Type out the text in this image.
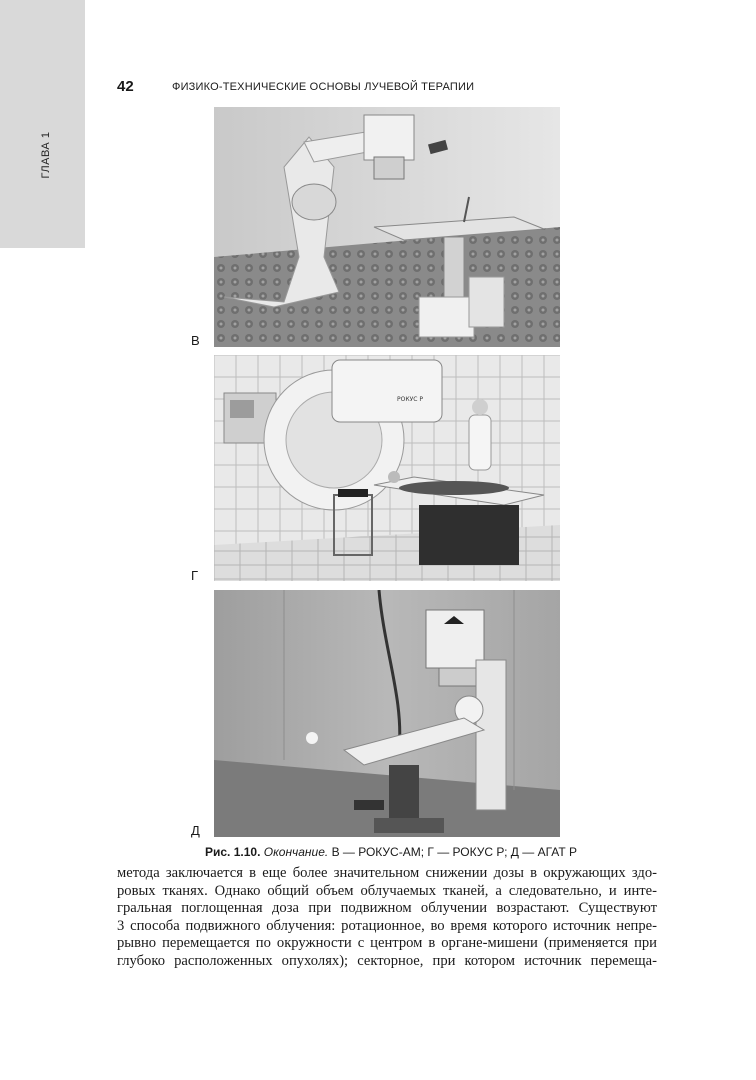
ГЛАВА 1
42	ФИЗИКО-ТЕХНИЧЕСКИЕ ОСНОВЫ ЛУЧЕВОЙ ТЕРАПИИ
В
РОКУС Р
Г
Д
Рис. 1.10. Окончание. В — РОКУС-АМ; Г — РОКУС Р; Д — АГАТ Р
метода заключается в еще более значительном снижении дозы в окружающих здо-
ровых тканях. Однако общий объем облучаемых тканей, а следовательно, и инте-
гральная поглощенная доза при подвижном облучении возрастают. Существуют
3 способа подвижного облучения: ротационное, во время которого источник непре-
рывно перемещается по окружности с центром в органе-мишени (применяется при
глубоко расположенных опухолях); секторное, при котором источник перемеща-
